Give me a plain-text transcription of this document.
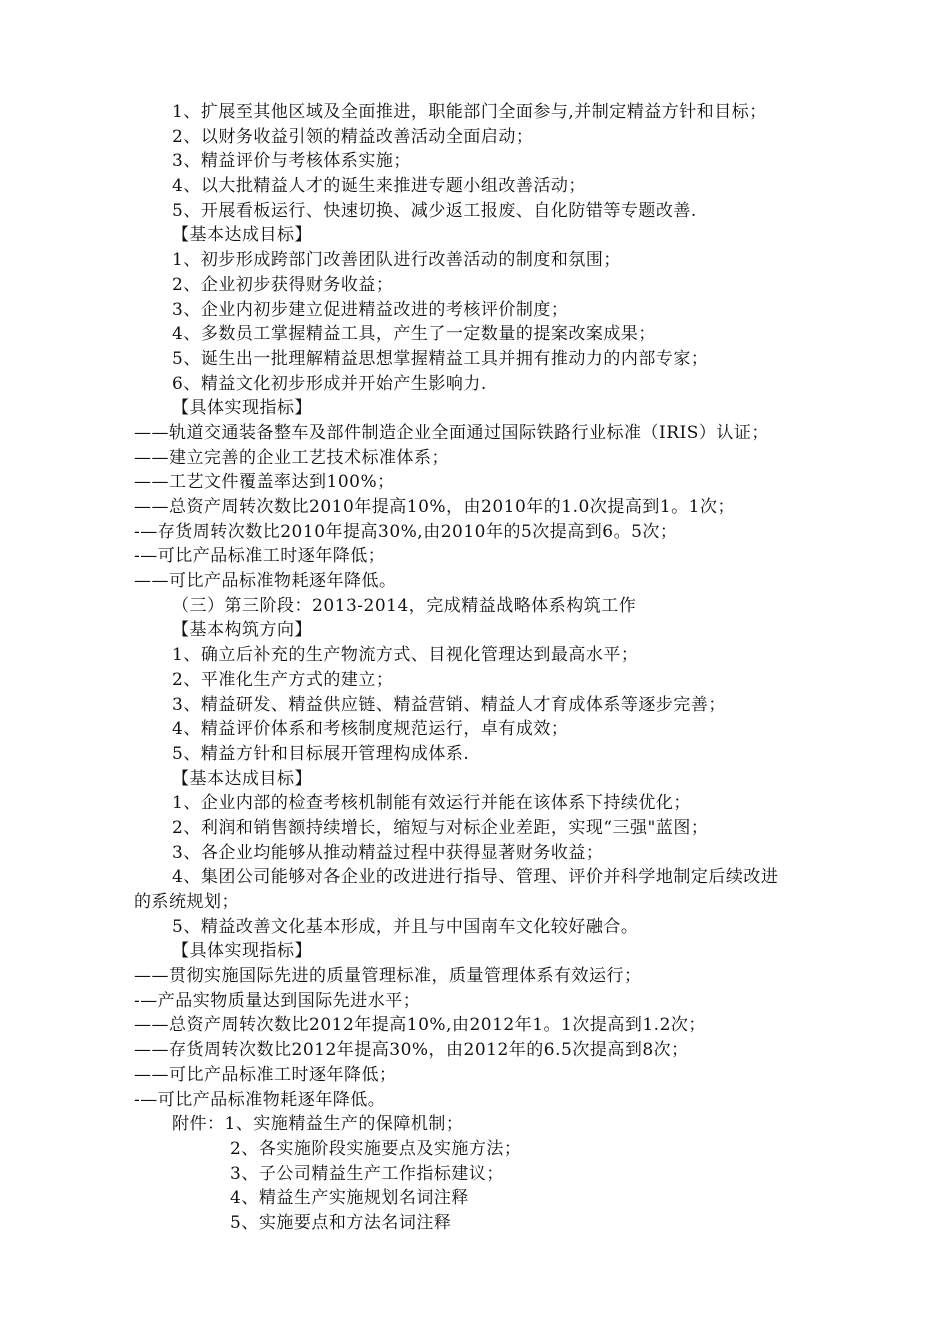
1、扩展至其他区域及全面推进，职能部门全面参与,并制定精益方针和目标；
2、以财务收益引领的精益改善活动全面启动；
3、精益评价与考核体系实施；
4、以大批精益人才的诞生来推进专题小组改善活动；
5、开展看板运行、快速切换、减少返工报废、自化防错等专题改善.
【基本达成目标】
1、初步形成跨部门改善团队进行改善活动的制度和氛围；
2、企业初步获得财务收益；
3、企业内初步建立促进精益改进的考核评价制度；
4、多数员工掌握精益工具，产生了一定数量的提案改案成果；
5、诞生出一批理解精益思想掌握精益工具并拥有推动力的内部专家；
6、精益文化初步形成并开始产生影响力.
【具体实现指标】
——轨道交通装备整车及部件制造企业全面通过国际铁路行业标准（IRIS）认证；
——建立完善的企业工艺技术标准体系；
——工艺文件覆盖率达到100%；
——总资产周转次数比2010年提高10%，由2010年的1.0次提高到1。1次；
-—存货周转次数比2010年提高30%,由2010年的5次提高到6。5次；
-—可比产品标准工时逐年降低；
——可比产品标准物耗逐年降低。
（三）第三阶段：2013-2014，完成精益战略体系构筑工作
【基本构筑方向】
1、确立后补充的生产物流方式、目视化管理达到最高水平；
2、平准化生产方式的建立；
3、精益研发、精益供应链、精益营销、精益人才育成体系等逐步完善；
4、精益评价体系和考核制度规范运行，卓有成效；
5、精益方针和目标展开管理构成体系.
【基本达成目标】
1、企业内部的检查考核机制能有效运行并能在该体系下持续优化；
2、利润和销售额持续增长，缩短与对标企业差距，实现“三强"蓝图；
3、各企业均能够从推动精益过程中获得显著财务收益；
4、集团公司能够对各企业的改进进行指导、管理、评价并科学地制定后续改进
的系统规划；
5、精益改善文化基本形成，并且与中国南车文化较好融合。
【具体实现指标】
——贯彻实施国际先进的质量管理标准，质量管理体系有效运行；
-—产品实物质量达到国际先进水平；
——总资产周转次数比2012年提高10%,由2012年1。1次提高到1.2次；
——存货周转次数比2012年提高30%，由2012年的6.5次提高到8次；
——可比产品标准工时逐年降低；
-—可比产品标准物耗逐年降低。
附件：1、实施精益生产的保障机制；
2、各实施阶段实施要点及实施方法；
3、子公司精益生产工作指标建议；
4、精益生产实施规划名词注释
5、实施要点和方法名词注释
